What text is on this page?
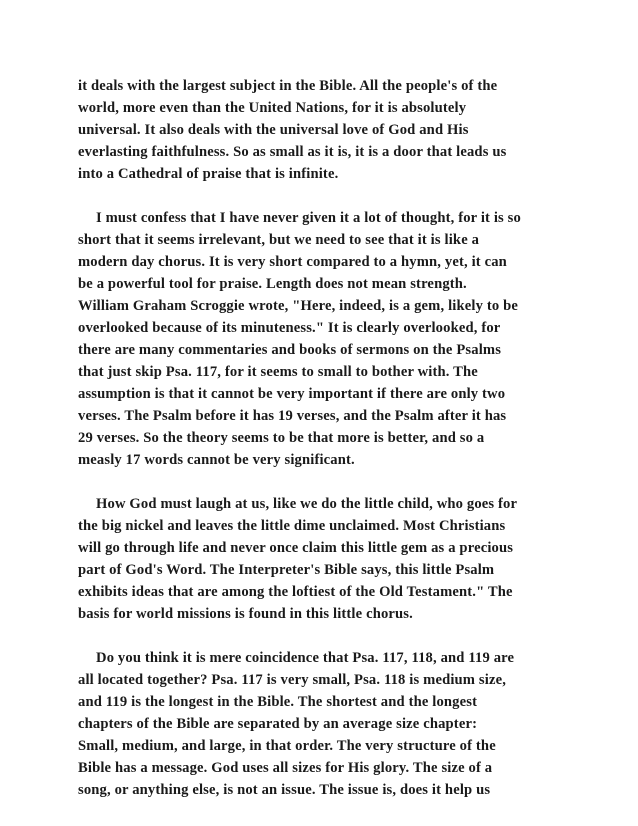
it deals with the largest subject in the Bible. All the people's of the
world, more even than the United Nations, for it is absolutely
universal. It also deals with the universal love of God and His
everlasting faithfulness. So as small as it is, it is a door that leads us
into a Cathedral of praise that is infinite.

I must confess that I have never given it a lot of thought, for it is so
short that it seems irrelevant, but we need to see that it is like a
modern day chorus. It is very short compared to a hymn, yet, it can
be a powerful tool for praise. Length does not mean strength.
William Graham Scroggie wrote, "Here, indeed, is a gem, likely to be
overlooked because of its minuteness." It is clearly overlooked, for
there are many commentaries and books of sermons on the Psalms
that just skip Psa. 117, for it seems to small to bother with. The
assumption is that it cannot be very important if there are only two
verses. The Psalm before it has 19 verses, and the Psalm after it has
29 verses. So the theory seems to be that more is better, and so a
measly 17 words cannot be very significant.

How God must laugh at us, like we do the little child, who goes for
the big nickel and leaves the little dime unclaimed. Most Christians
will go through life and never once claim this little gem as a precious
part of God's Word. The Interpreter's Bible says, this little Psalm
exhibits ideas that are among the loftiest of the Old Testament." The
basis for world missions is found in this little chorus.

Do you think it is mere coincidence that Psa. 117, 118, and 119 are
all located together? Psa. 117 is very small, Psa. 118 is medium size,
and 119 is the longest in the Bible. The shortest and the longest
chapters of the Bible are separated by an average size chapter:
Small, medium, and large, in that order. The very structure of the
Bible has a message. God uses all sizes for His glory. The size of a
song, or anything else, is not an issue. The issue is, does it help us
